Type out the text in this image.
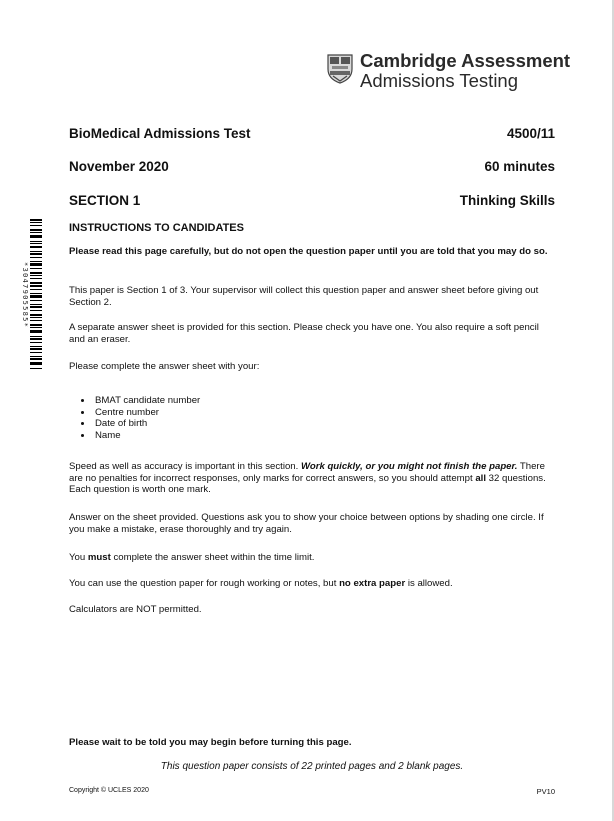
Cambridge Assessment
Admissions Testing
*3047905585*
BioMedical Admissions Test	4500/11
November 2020	60 minutes
SECTION 1	Thinking Skills
INSTRUCTIONS TO CANDIDATES

Please read this page carefully, but do not open the question paper until you are told that you may do so.

This paper is Section 1 of 3. Your supervisor will collect this question paper and answer sheet before giving out Section 2.

A separate answer sheet is provided for this section. Please check you have one. You also require a soft pencil and an eraser.

Please complete the answer sheet with your:

• BMAT candidate number
• Centre number
• Date of birth
• Name

Speed as well as accuracy is important in this section. Work quickly, or you might not finish the paper. There are no penalties for incorrect responses, only marks for correct answers, so you should attempt all 32 questions. Each question is worth one mark.

Answer on the sheet provided. Questions ask you to show your choice between options by shading one circle. If you make a mistake, erase thoroughly and try again.

You must complete the answer sheet within the time limit.

You can use the question paper for rough working or notes, but no extra paper is allowed.

Calculators are NOT permitted.

Please wait to be told you may begin before turning this page.
This question paper consists of 22 printed pages and 2 blank pages.
Copyright © UCLES 2020	PV10
